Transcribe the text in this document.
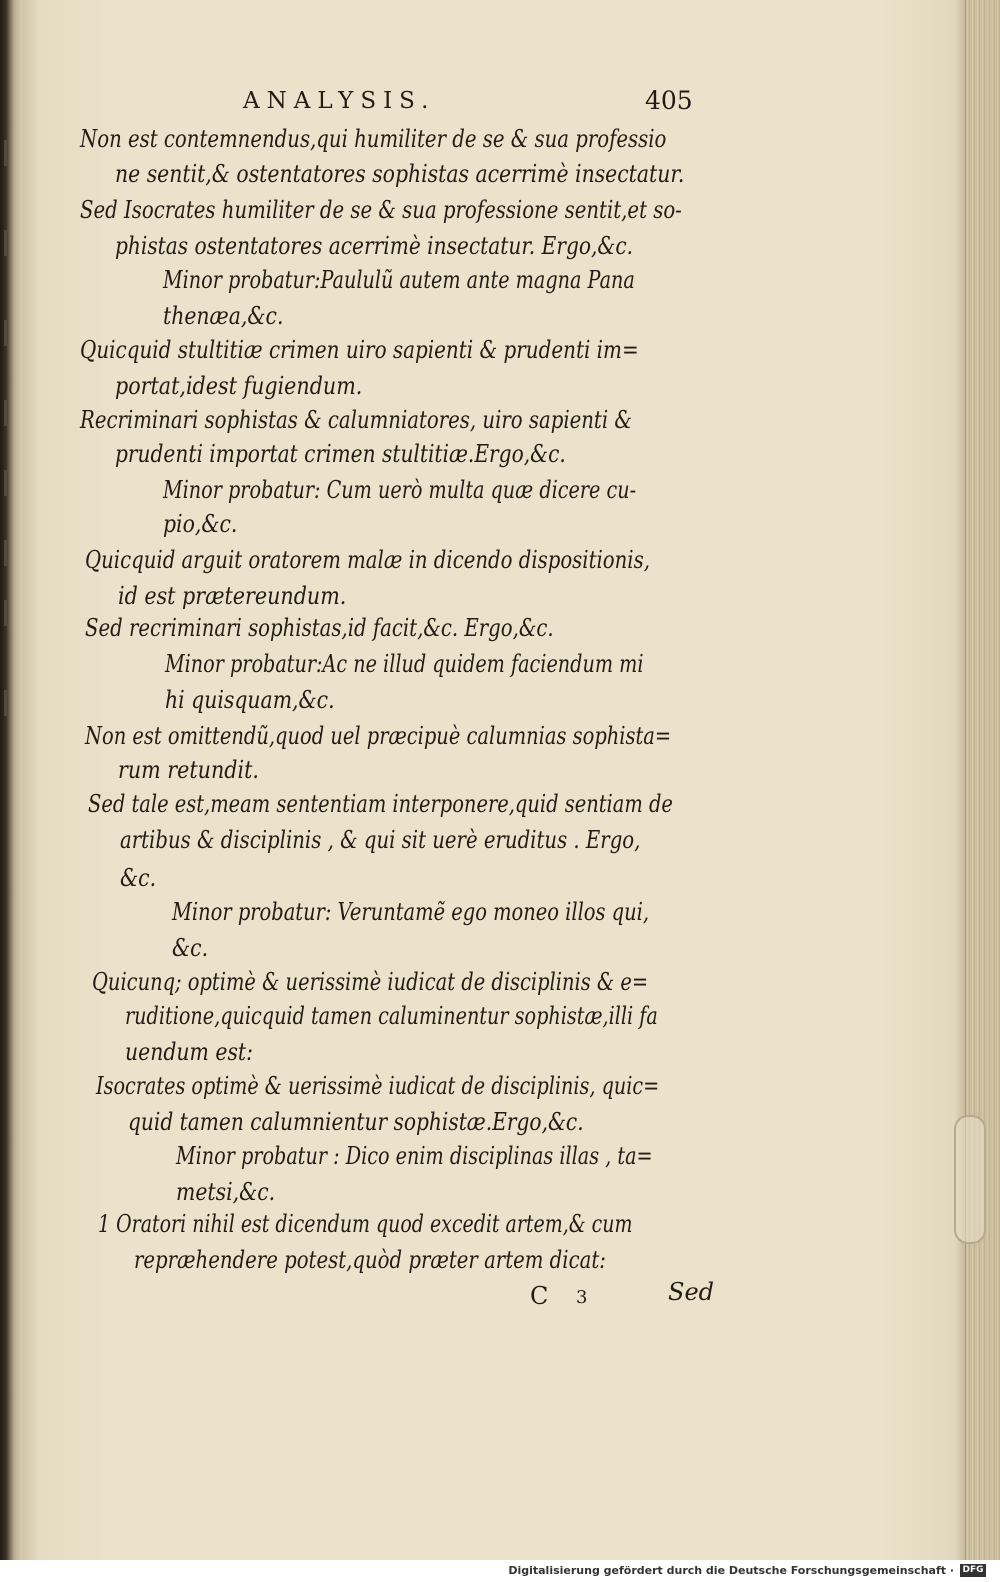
ANALYSIS.	405
Non est contemnendus,qui humiliter de se & sua professio
ne sentit,& ostentatores sophistas acerrimè insectatur.
Sed Isocrates humiliter de se & sua professione sentit,et so-
phistas ostentatores acerrimè insectatur. Ergo,&c.
Minor probatur:Paululũ autem ante magna Pana
thenæa,&c.
Quicquid stultitiæ crimen uiro sapienti & prudenti im=
portat,idest fugiendum.
Recriminari sophistas & calumniatores, uiro sapienti &
prudenti importat crimen stultitiæ.Ergo,&c.
Minor probatur: Cum uerò multa quæ dicere cu-
pio,&c.
Quicquid arguit oratorem malæ in dicendo dispositionis,
id est prætereundum.
Sed recriminari sophistas,id facit,&c. Ergo,&c.
Minor probatur:Ac ne illud quidem faciendum mi
hi quisquam,&c.
Non est omittendũ,quod uel præcipuè calumnias sophista=
rum retundit.
Sed tale est,meam sententiam interponere,quid sentiam de
artibus & disciplinis , & qui sit uerè eruditus . Ergo,
&c.
Minor probatur: Veruntamẽ ego moneo illos qui,
&c.
Quicunq; optimè & uerissimè iudicat de disciplinis & e=
ruditione,quicquid tamen caluminentur sophistæ,illi fa
uendum est:
Isocrates optimè & uerissimè iudicat de disciplinis, quic=
quid tamen calumnientur sophistæ.Ergo,&c.
Minor probatur : Dico enim disciplinas illas , ta=
metsi,&c.
1 Oratori nihil est dicendum quod excedit artem,& cum
repræhendere potest,quòd præter artem dicat:
C 3	Sed
Digitalisierung gefördert durch die Deutsche Forschungsgemeinschaft · DFG
